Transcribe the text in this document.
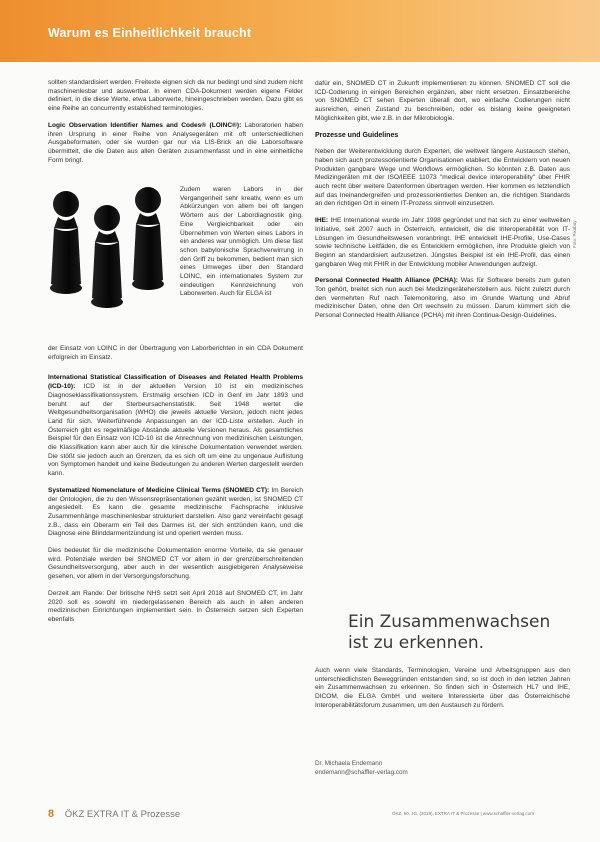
Warum es Einheitlichkeit braucht
Foto: Pixabay

sollten standardisiert werden. Freitexte eignen sich da nur bedingt und sind zudem nicht maschinenlesbar und auswertbar. In einem CDA-Dokument werden eigene Felder definiert, in die diese Werte, etwa Laborwerte, hineingeschrieben werden. Dazu gibt es eine Reihe an concurrently established terminologies.

Logic Observation Identifier Names and Codes® (LOINC®): Laboratorien haben ihren Ursprung in einer Reihe von Analysegeräten mit oft unterschiedlichen Ausgabeformaten, oder sie wurden gar nur via LIS-Brick an die Laborsoftware übermittelt, die die Daten aus allen Geräten zusammenfasst und in eine einheitliche Form bringt.

Zudem waren Labors in der Vergangenheit sehr kreativ, wenn es um Abkürzungen von allem bei oft langen Wörtern aus der Labordiagnostik ging. Eine Vergleichbarkeit oder ein Übernehmen von Werten eines Labors in ein anderes war unmöglich. Um diese fast schon babylonische Sprachverwirrung in den Griff zu bekommen, bedient man sich eines Umweges über den Standard LOINC, ein internationales System zur eindeutigen Kennzeichnung von Laborwerten. Auch für ELGA ist

der Einsatz von LOINC in der Übertragung von Laborberichten in ein CDA Dokument erfolgreich im Einsatz.

International Statistical Classification of Diseases and Related Health Problems (ICD-10): ICD ist in der aktuellen Version 10 ist ein medizinisches Diagnoseklassifikationssystem. Erstmalig erschien ICD in Genf im Jahr 1893 und beruht auf der Sterbeursachenstatistik. Seit 1948 wertet die Weltgesundheitsorganisation (WHO) die jeweils aktuelle Version, jedoch nicht jedes Land für sich. Weiterführende Anpassungen an der ICD-Liste erstellen. Auch in Österreich gibt es regelmäßige Abstände aktuelle Versionen heraus. Als gesamtliches Beispiel für den Einsatz von ICD-10 ist die Anrechnung von medizinischen Leistungen, die Klassifikation kann aber auch für die klinische Dokumentation verwendet werden. Die stößt sie jedoch auch an Grenzen, da es sich oft um eine zu ungenaue Auflistung von Symptomen handelt und keine Bedeutungen zu anderen Werten dargestellt werden kann.

Systematized Nomenclature of Medicine Clinical Terms (SNOMED CT): Im Bereich der Ontologien, die zu den Wissensrepräsentationen gezählt werden, ist SNOMED CT angesiedelt. Es kann die gesamte medizinische Fachsprache inklusive Zusammenhänge maschinenlesbar strukturiert darstellen. Also ganz vereinfacht gesagt z.B., dass ein Oberarm ein Teil des Darmes ist, der sich entzünden kann, und die Diagnose eine Blinddarmentzündung ist und operiert werden muss.

Dies bedeutet für die medizinische Dokumentation enorme Vorteile, da sie genauer wird. Potenziale werden bei SNOMED CT vor allem in der grenzüberschreitenden Gesundheitsversorgung, aber auch in der wesentlich ausgiebigeren Analyseweise gesehen, vor allem in der Versorgungsforschung.

Derzeit am Rande: Der britische NHS setzt seit April 2018 auf SNOMED CT, im Jahr 2020 soll es sowohl im niedergelassenen Bereich als auch in allen anderen medizinischen Einrichtungen implementiert sein. In Österreich setzen sich Experten ebenfalls

dafür ein, SNOMED CT in Zukunft implementieren zu können. SNOMED CT soll die ICD-Codierung in einigen Bereichen ergänzen, aber nicht ersetzen. Einsatzbereiche von SNOMED CT sehen Experten überall dort, wo einfache Codierungen nicht ausreichen, einen Zustand zu beschreiben, oder es bislang keine geeigneten Möglichkeiten gibt, wie z.B. in der Mikrobiologie.

Prozesse und Guidelines

Neben der Weiterentwicklung durch Experten, die weltweit längere Austausch stehen, haben sich auch prozessorientierte Organisationen etabliert, die Entwicklern von neuen Produkten gangbare Wege und Workflows ermöglichen. So könnten z.B. Daten aus Medizingeräten mit der ISO/IEEE 11073 "medical device interoperability" über FHIR auch recht über weitere Datenformen übertragen werden. Hier kommen es letztendlich auf das Ineinandergreifen und prozessorientiertes Denken an, die richtigen Standards an den richtigen Ort in einem IT-Prozess sinnvoll einzusetzen.

IHE: IHE International wurde im Jahr 1998 gegründet und hat sich zu einer weltweiten Initiative, seit 2007 auch in Österreich, entwickelt, die die Interoperabilität von IT-Lösungen im Gesundheitswesen voranbringt. IHE entwickelt IHE-Profile, Use-Cases sowie technische Leitfäden, die es Entwicklern ermöglichen, ihre Produkte gleich von Beginn an standardisiert aufzusetzen. Jüngstes Beispiel ist ein IHE-Profil, das einen gangbaren Weg mit FHIR in der Entwicklung mobiler Anwendungen aufzeigt.

Personal Connected Health Alliance (PCHA): Was für Software bereits zum guten Ton gehört, breitet sich nun auch bei Medizingeräteherstellern aus. Nicht zuletzt durch den vermehrten Ruf nach Telemonitoring, also im Grunde Wartung und Abruf medizinischer Daten, ohne den Ort wechseln zu müssen. Darum kümmert sich die Personal Connected Health Alliance (PCHA) mit ihren Continua-Design-Guidelines.

Ein Zusammenwachsen ist zu erkennen.

Auch wenn viele Standards, Terminologien, Vereine und Arbeitsgruppen aus den unterschiedlichsten Beweggründen entstanden sind, so ist doch in den letzten Jahren ein Zusammenwachsen zu erkennen. So finden sich in Österreich HL7 und IHE, DICOM, die ELGA GmbH und weitere Interessierte über das Österreichische Interoperabilitätsforum zusammen, um den Austausch zu fördern.

Dr. Michaela Endemann
endemann@schaffler-verlag.com
8 ÖKZ EXTRA IT & Prozesse	ÖKZ, 60. JG. (2019), EXTRA IT & Prozesse | www.schaffler-verlag.com
